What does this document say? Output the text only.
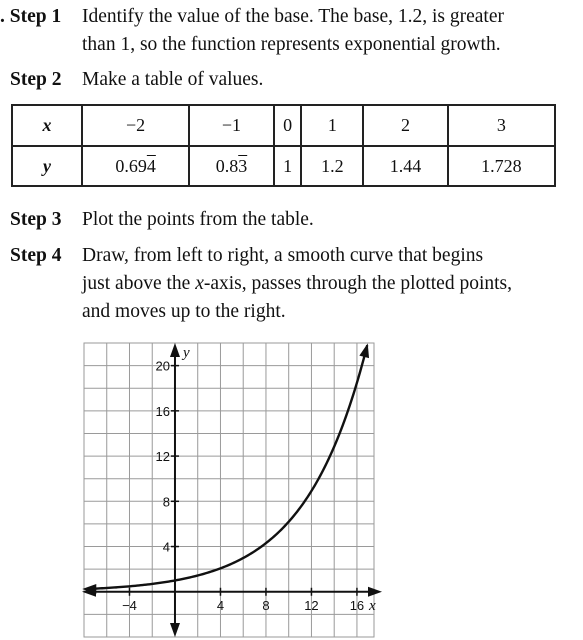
. Step 1 Identify the value of the base. The base, 1.2, is greater
than 1, so the function represents exponential growth.
Step 2 Make a table of values.
x	−2	−1	0	1	2	3
y	0.694	0.83	1	1.2	1.44	1.728
Step 3 Plot the points from the table.
Step 4 Draw, from left to right, a smooth curve that begins
just above the x-axis, passes through the plotted points,
and moves up to the right.
−4	4	8	12 16
20
16
12
8
4
x
y
